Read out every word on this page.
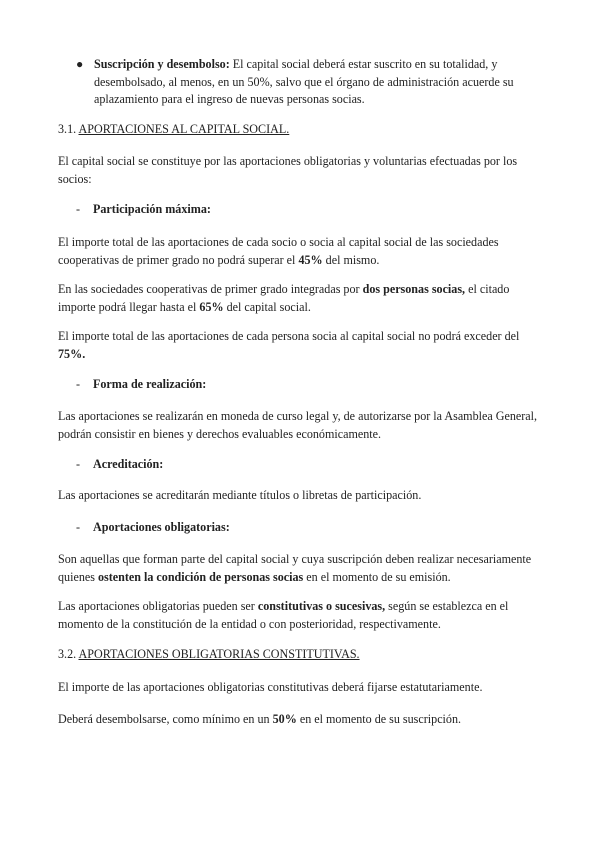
● Suscripción y desembolso: El capital social deberá estar suscrito en su totalidad, y desembolsado, al menos, en un 50%, salvo que el órgano de administración acuerde su aplazamiento para el ingreso de nuevas personas socias.
3.1. APORTACIONES AL CAPITAL SOCIAL.
El capital social se constituye por las aportaciones obligatorias y voluntarias efectuadas por los socios:
- Participación máxima:
El importe total de las aportaciones de cada socio o socia al capital social de las sociedades cooperativas de primer grado no podrá superar el 45% del mismo.
En las sociedades cooperativas de primer grado integradas por dos personas socias, el citado importe podrá llegar hasta el 65% del capital social.
El importe total de las aportaciones de cada persona socia al capital social no podrá exceder del 75%.
- Forma de realización:
Las aportaciones se realizarán en moneda de curso legal y, de autorizarse por la Asamblea General, podrán consistir en bienes y derechos evaluables económicamente.
- Acreditación:
Las aportaciones se acreditarán mediante títulos o libretas de participación.
- Aportaciones obligatorias:
Son aquellas que forman parte del capital social y cuya suscripción deben realizar necesariamente quienes ostenten la condición de personas socias en el momento de su emisión.
Las aportaciones obligatorias pueden ser constitutivas o sucesivas, según se establezca en el momento de la constitución de la entidad o con posterioridad, respectivamente.
3.2. APORTACIONES OBLIGATORIAS CONSTITUTIVAS.
El importe de las aportaciones obligatorias constitutivas deberá fijarse estatutariamente.
Deberá desembolsarse, como mínimo en un 50% en el momento de su suscripción.
